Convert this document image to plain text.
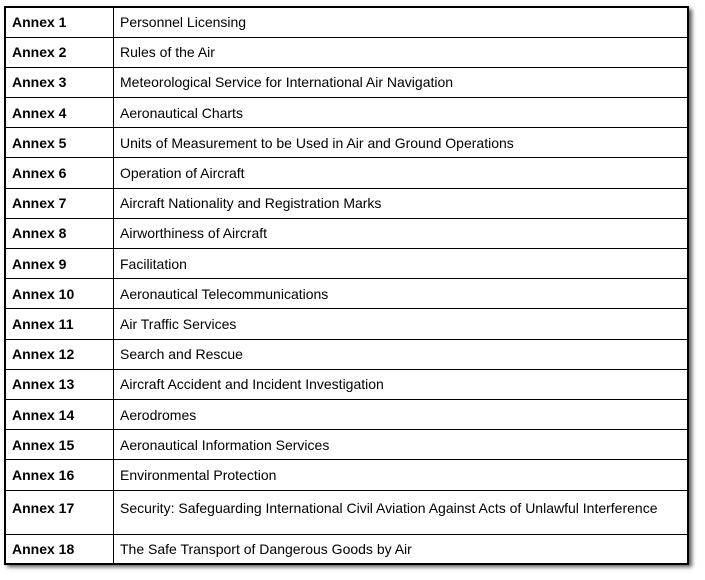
Annex 1	Personnel Licensing
Annex 2	Rules of the Air
Annex 3	Meteorological Service for International Air Navigation
Annex 4	Aeronautical Charts
Annex 5	Units of Measurement to be Used in Air and Ground Operations
Annex 6	Operation of Aircraft
Annex 7	Aircraft Nationality and Registration Marks
Annex 8	Airworthiness of Aircraft
Annex 9	Facilitation
Annex 10	Aeronautical Telecommunications
Annex 11	Air Traffic Services
Annex 12	Search and Rescue
Annex 13	Aircraft Accident and Incident Investigation
Annex 14	Aerodromes
Annex 15	Aeronautical Information Services
Annex 16	Environmental Protection
Annex 17	Security: Safeguarding International Civil Aviation Against Acts of Unlawful Interference
Annex 18	The Safe Transport of Dangerous Goods by Air
